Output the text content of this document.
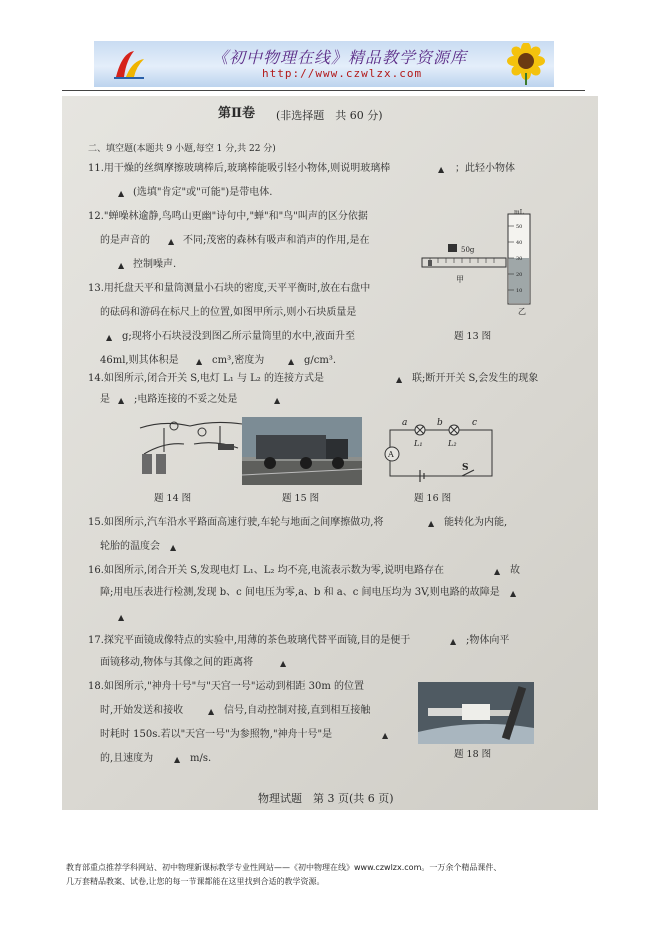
《初中物理在线》精品教学资源库
http://www.czwlzx.com
第Ⅱ卷 (非选择题　共 60 分)
二、填空题(本题共 9 小题,每空 1 分,共 22 分)
11.用干燥的丝绸摩擦玻璃棒后,玻璃棒能吸引轻小物体,则说明玻璃棒	▲ ；此轻小物体
▲ (选填"肯定"或"可能")是带电体.
12."蝉噪林逾静,鸟鸣山更幽"诗句中,"蝉"和"鸟"叫声的区分依据
的是声音的 ▲ 不同;茂密的森林有吸声和消声的作用,是在
▲ 控制噪声.
50g
甲
mL
50
40
30
20
10
乙
13.用托盘天平和量筒测量小石块的密度,天平平衡时,放在右盘中
的砝码和游码在标尺上的位置,如图甲所示,则小石块质量是
▲ g;现将小石块浸没到图乙所示量筒里的水中,液面升至	题 13 图
46ml,则其体积是 ▲ cm³,密度为	▲ g/cm³.
14.如图所示,闭合开关 S,电灯 L₁ 与 L₂ 的连接方式是	▲ 联;断开开关 S,会发生的现象
是 ▲ ;电路连接的不妥之处是	▲
题 14 图	题 15 图
A
a	b	c
L₁	L₂
S
题 16 图
15.如图所示,汽车沿水平路面高速行驶,车轮与地面之间摩擦做功,将	▲ 能转化为内能,
轮胎的温度会 ▲
16.如图所示,闭合开关 S,发现电灯 L₁、L₂ 均不亮,电流表示数为零,说明电路存在	▲ 故
障;用电压表进行检测,发现 b、c 间电压为零,a、b 和 a、c 间电压均为 3V,则电路的故障是 ▲
▲
17.探究平面镜成像特点的实验中,用薄的茶色玻璃代替平面镜,目的是便于	▲ ;物体向平
面镜移动,物体与其像之间的距离将	▲
题 18 图
18.如图所示,"神舟十号"与"天宫一号"运动到相距 30m 的位置
时,开始发送和接收	▲ 信号,自动控制对接,直到相互接触
时耗时 150s.若以"天宫一号"为参照物,"神舟十号"是	▲
的,且速度为	▲ m/s.
物理试题　第 3 页(共 6 页)
教育部重点推荐学科网站、初中物理新课标教学专业性网站——《初中物理在线》www.czwlzx.com。一万余个精品课件、
几万套精品教案、试卷,让您的每一节课都能在这里找到合适的教学资源。
